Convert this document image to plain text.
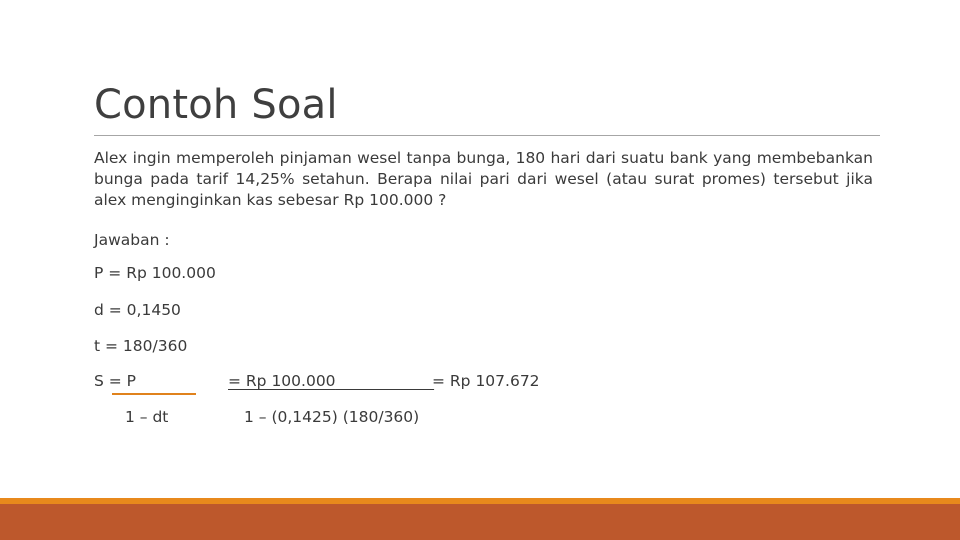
Contoh Soal
Alex ingin memperoleh pinjaman wesel tanpa bunga, 180 hari dari suatu bank yang membebankan bunga pada tarif 14,25% setahun. Berapa nilai pari dari wesel (atau surat promes) tersebut jika alex menginginkan kas sebesar Rp 100.000 ?
Jawaban :
P = Rp 100.000
d = 0,1450
t = 180/360
S = P
1 – dt
= Rp 100.000	= Rp 107.672
1 – (0,1425) (180/360)
